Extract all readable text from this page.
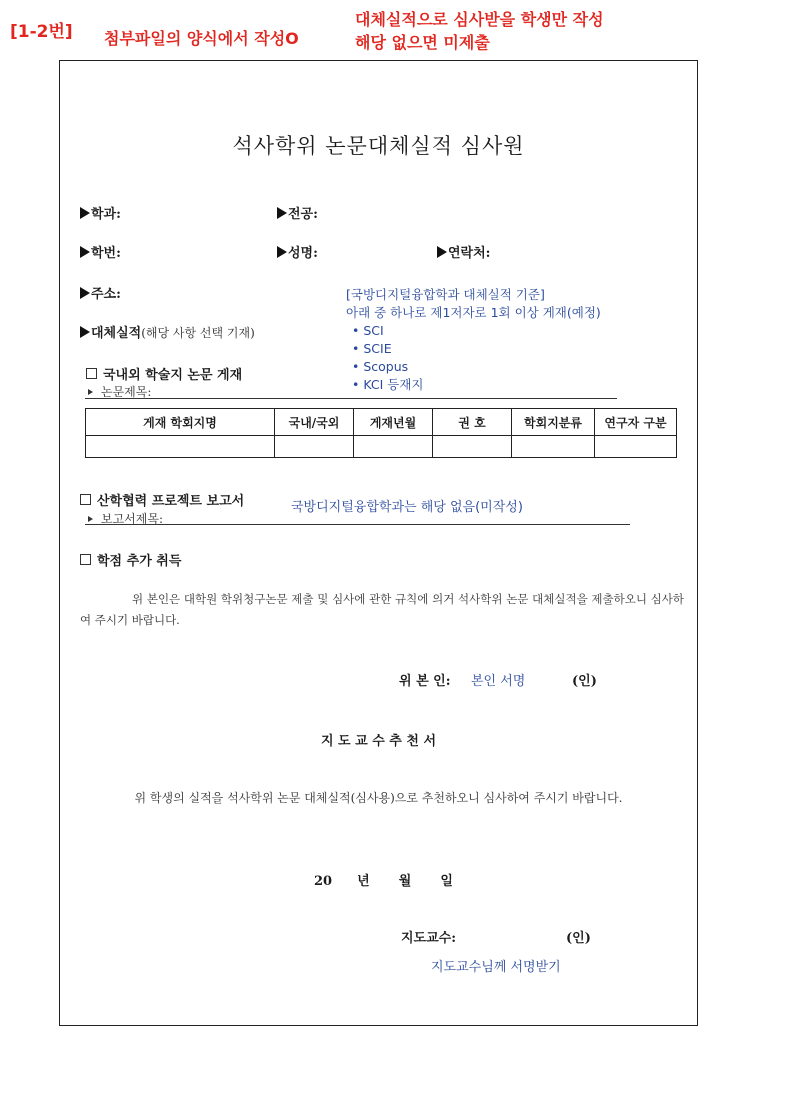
[1-2번] 첨부파일의 양식에서 작성O
대체실적으로 심사받을 학생만 작성
해당 없으면 미제출
석사학위 논문대체실적 심사원
학과:	전공:
학번:	성명:	연락처:
주소:
대체실적(해당 사항 선택 기재)
[국방디지털융합학과 대체실적 기준]
아래 중 하나로 제1저자로 1회 이상 게재(예정)
• SCI
• SCIE
• Scopus
• KCI 등재지
국내외 학술지 논문 게재
논문제목:
게재 학회지명	국내/국외	게재년월	권 호	학회지분류	연구자 구분

산학협력 프로젝트 보고서	국방디지털융합학과는 해당 없음(미작성)
보고서제목:
학점 추가 취득
위 본인은 대학원 학위청구논문 제출 및 심사에 관한 규칙에 의거 석사학위 논문 대체실적을 제출하오니 심사하여 주시기 바랍니다.
위 본 인: 본인 서명	(인)
지 도 교 수 추 천 서
위 학생의 실적을 석사학위 논문 대체실적(심사용)으로 추천하오니 심사하여 주시기 바랍니다.
20 년 월 일
지도교수:	(인)
지도교수님께 서명받기
